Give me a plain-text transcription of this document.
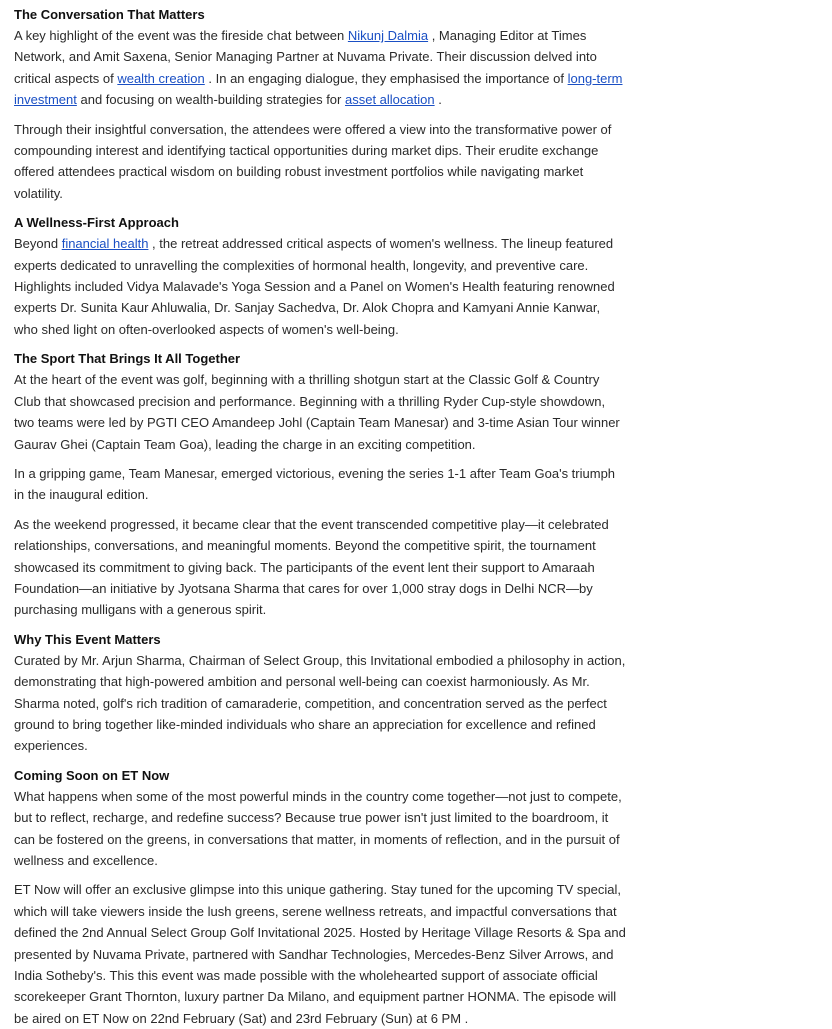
The Conversation That Matters

A key highlight of the event was the fireside chat between Nikunj Dalmia , Managing Editor at Times Network, and Amit Saxena, Senior Managing Partner at Nuvama Private. Their discussion delved into critical aspects of wealth creation . In an engaging dialogue, they emphasised the importance of long-term investment and focusing on wealth-building strategies for asset allocation .

Through their insightful conversation, the attendees were offered a view into the transformative power of compounding interest and identifying tactical opportunities during market dips. Their erudite exchange offered attendees practical wisdom on building robust investment portfolios while navigating market volatility.

A Wellness-First Approach

Beyond financial health , the retreat addressed critical aspects of women's wellness. The lineup featured experts dedicated to unravelling the complexities of hormonal health, longevity, and preventive care. Highlights included Vidya Malavade's Yoga Session and a Panel on Women's Health featuring renowned experts Dr. Sunita Kaur Ahluwalia, Dr. Sanjay Sachedva, Dr. Alok Chopra and Kamyani Annie Kanwar, who shed light on often-overlooked aspects of women's well-being.

The Sport That Brings It All Together

At the heart of the event was golf, beginning with a thrilling shotgun start at the Classic Golf & Country Club that showcased precision and performance. Beginning with a thrilling Ryder Cup-style showdown, two teams were led by PGTI CEO Amandeep Johl (Captain Team Manesar) and 3-time Asian Tour winner Gaurav Ghei (Captain Team Goa), leading the charge in an exciting competition.

In a gripping game, Team Manesar, emerged victorious, evening the series 1-1 after Team Goa's triumph in the inaugural edition.

As the weekend progressed, it became clear that the event transcended competitive play—it celebrated relationships, conversations, and meaningful moments. Beyond the competitive spirit, the tournament showcased its commitment to giving back. The participants of the event lent their support to Amaraah Foundation—an initiative by Jyotsana Sharma that cares for over 1,000 stray dogs in Delhi NCR—by purchasing mulligans with a generous spirit.

Why This Event Matters

Curated by Mr. Arjun Sharma, Chairman of Select Group, this Invitational embodied a philosophy in action, demonstrating that high-powered ambition and personal well-being can coexist harmoniously. As Mr. Sharma noted, golf's rich tradition of camaraderie, competition, and concentration served as the perfect ground to bring together like-minded individuals who share an appreciation for excellence and refined experiences.

Coming Soon on ET Now

What happens when some of the most powerful minds in the country come together—not just to compete, but to reflect, recharge, and redefine success? Because true power isn't just limited to the boardroom, it can be fostered on the greens, in conversations that matter, in moments of reflection, and in the pursuit of wellness and excellence.

ET Now will offer an exclusive glimpse into this unique gathering. Stay tuned for the upcoming TV special, which will take viewers inside the lush greens, serene wellness retreats, and impactful conversations that defined the 2nd Annual Select Group Golf Invitational 2025. Hosted by Heritage Village Resorts & Spa and presented by Nuvama Private, partnered with Sandhar Technologies, Mercedes-Benz Silver Arrows, and India Sotheby's. This this event was made possible with the wholehearted support of associate official scorekeeper Grant Thornton, luxury partner Da Milano, and equipment partner HONMA. The episode will be aired on ET Now on 22nd February (Sat) and 23rd February (Sun) at 6 PM .
